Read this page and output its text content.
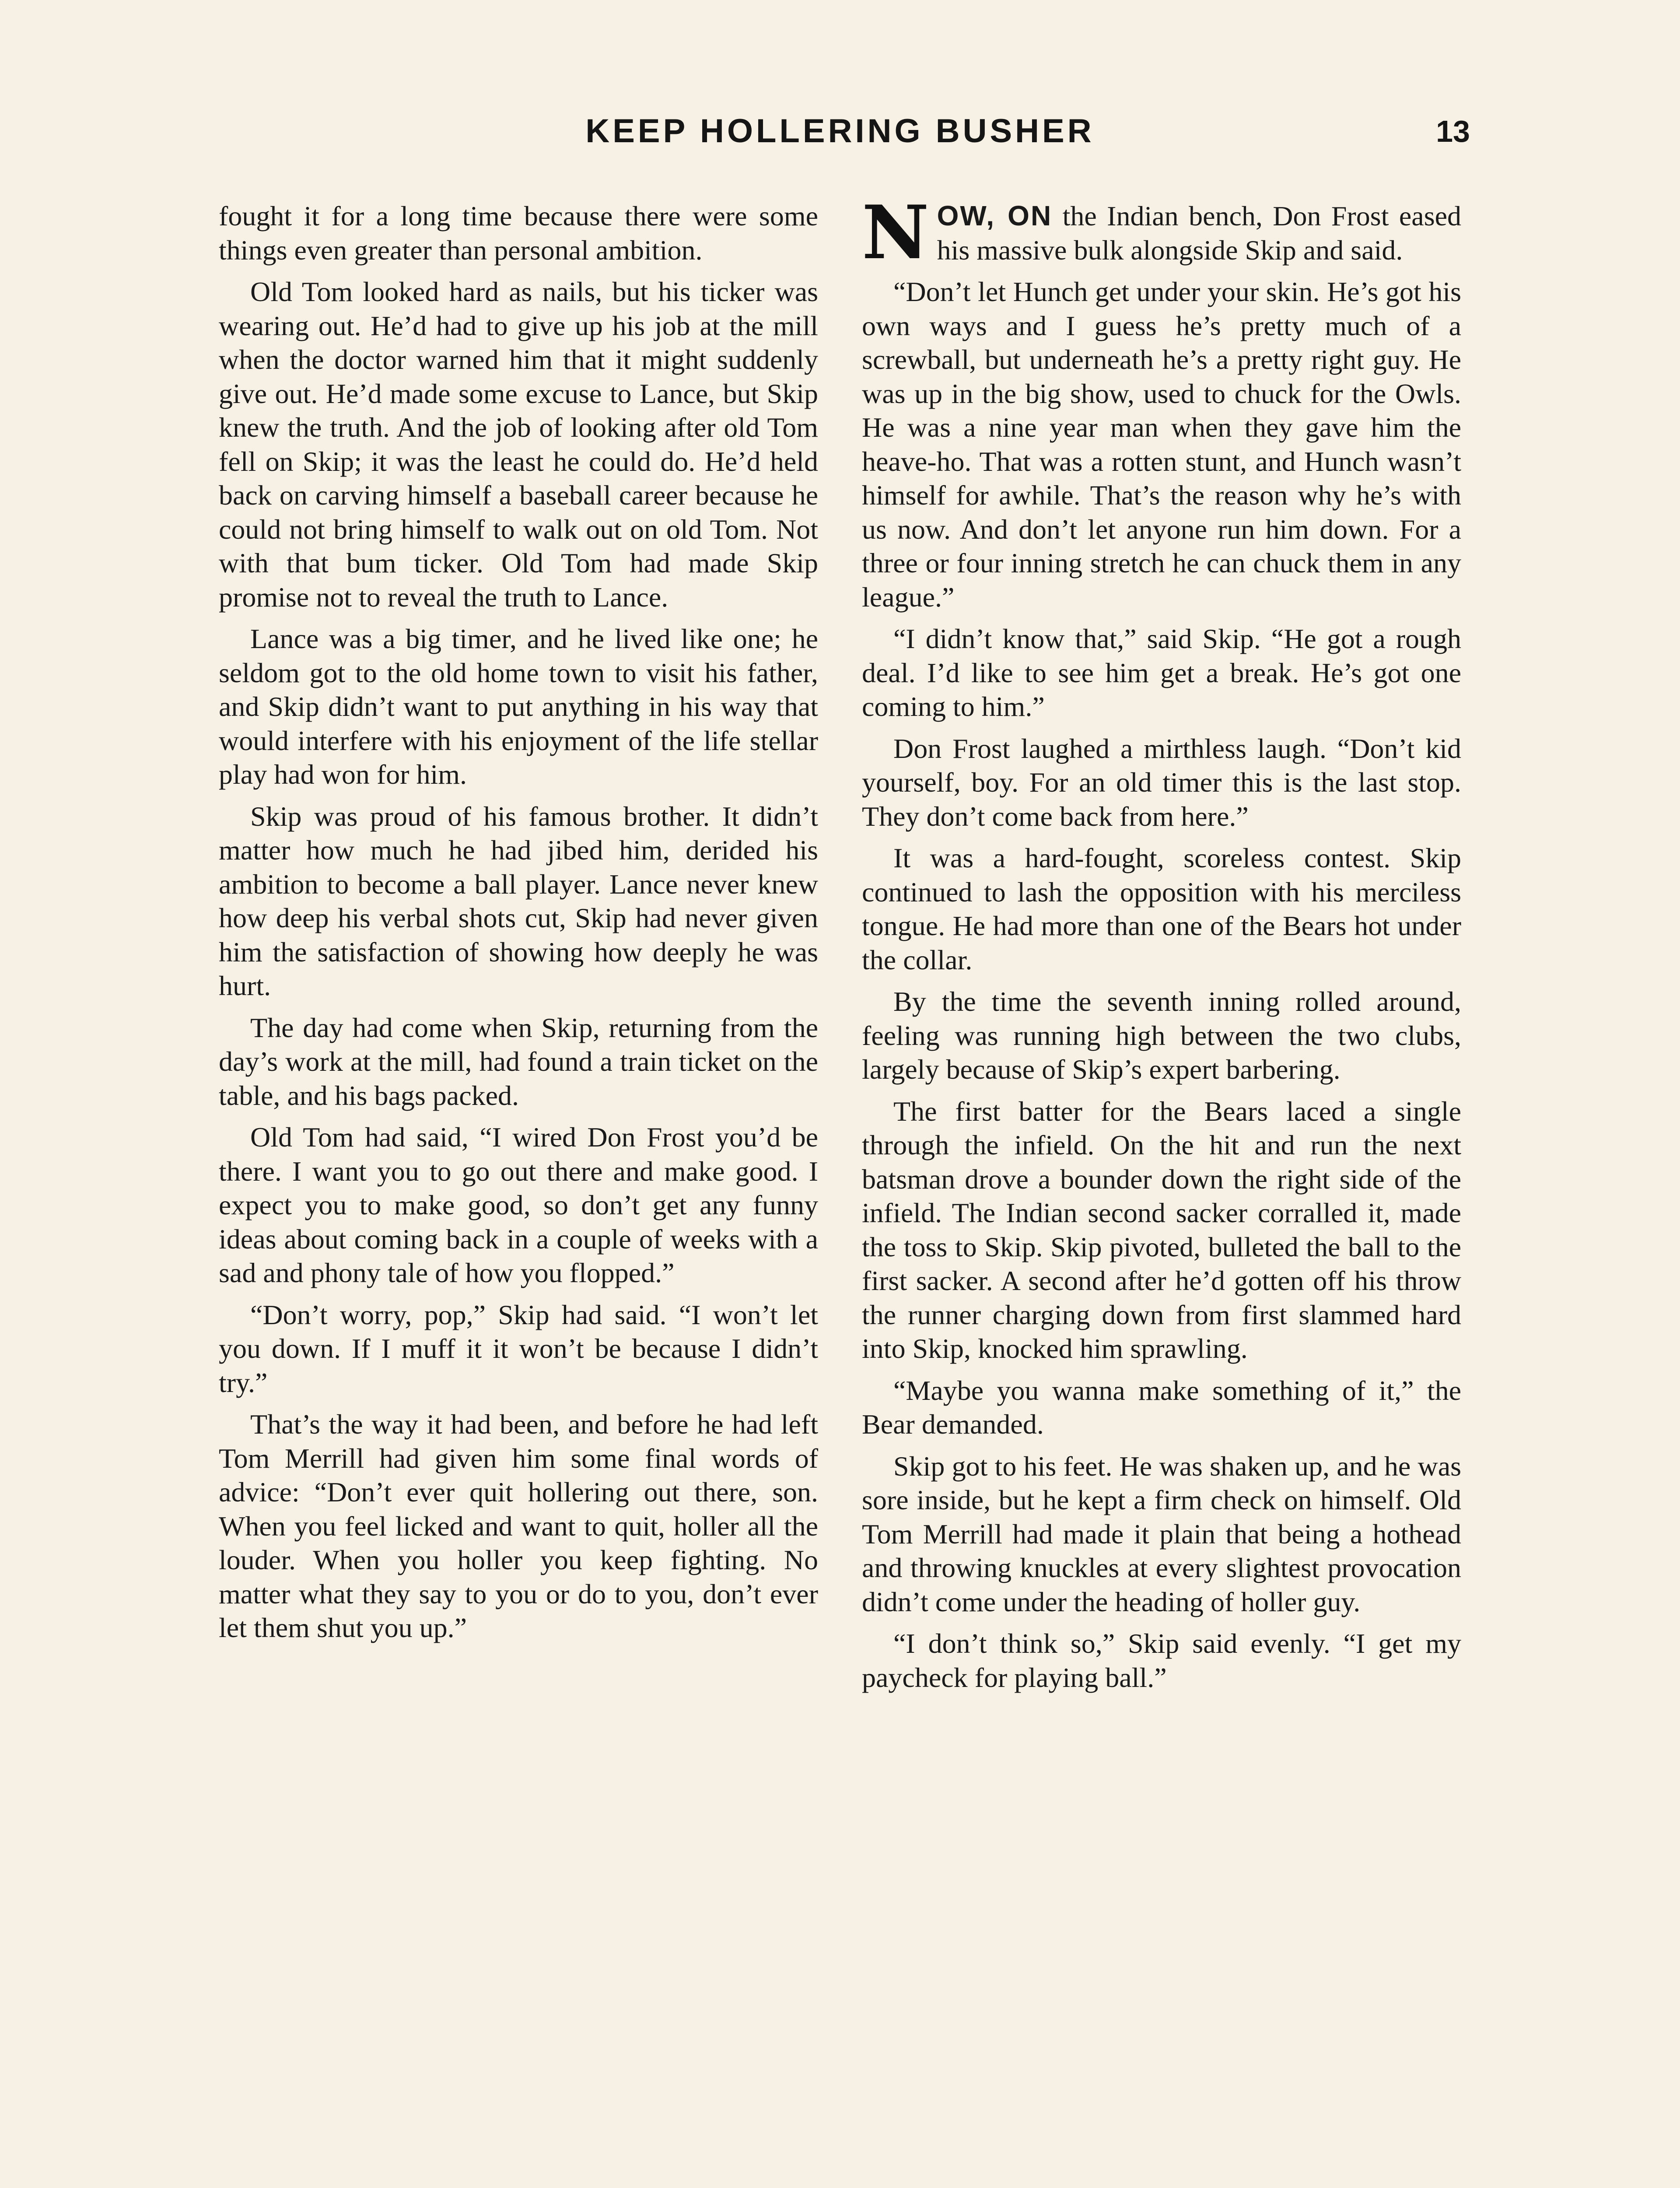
KEEP HOLLERING BUSHER	13

fought it for a long time because there were some things even greater than personal ambition.

Old Tom looked hard as nails, but his ticker was wearing out. He’d had to give up his job at the mill when the doctor warned him that it might suddenly give out. He’d made some excuse to Lance, but Skip knew the truth. And the job of looking after old Tom fell on Skip; it was the least he could do. He’d held back on carving himself a baseball career because he could not bring himself to walk out on old Tom. Not with that bum ticker. Old Tom had made Skip promise not to reveal the truth to Lance.

Lance was a big timer, and he lived like one; he seldom got to the old home town to visit his father, and Skip didn’t want to put anything in his way that would interfere with his enjoyment of the life stellar play had won for him.

Skip was proud of his famous brother. It didn’t matter how much he had jibed him, derided his ambition to become a ball player. Lance never knew how deep his verbal shots cut, Skip had never given him the satisfaction of showing how deeply he was hurt.

The day had come when Skip, returning from the day’s work at the mill, had found a train ticket on the table, and his bags packed.

Old Tom had said, “I wired Don Frost you’d be there. I want you to go out there and make good. I expect you to make good, so don’t get any funny ideas about coming back in a couple of weeks with a sad and phony tale of how you flopped.”

“Don’t worry, pop,” Skip had said. “I won’t let you down. If I muff it it won’t be because I didn’t try.”

That’s the way it had been, and before he had left Tom Merrill had given him some final words of advice: “Don’t ever quit hollering out there, son. When you feel licked and want to quit, holler all the louder. When you holler you keep fighting. No matter what they say to you or do to you, don’t ever let them shut you up.”

NOW, ON the Indian bench, Don Frost eased his massive bulk alongside Skip and said.

“Don’t let Hunch get under your skin. He’s got his own ways and I guess he’s pretty much of a screwball, but underneath he’s a pretty right guy. He was up in the big show, used to chuck for the Owls. He was a nine year man when they gave him the heave-ho. That was a rotten stunt, and Hunch wasn’t himself for awhile. That’s the reason why he’s with us now. And don’t let anyone run him down. For a three or four inning stretch he can chuck them in any league.”

“I didn’t know that,” said Skip. “He got a rough deal. I’d like to see him get a break. He’s got one coming to him.”

Don Frost laughed a mirthless laugh. “Don’t kid yourself, boy. For an old timer this is the last stop. They don’t come back from here.”

It was a hard-fought, scoreless contest. Skip continued to lash the opposition with his merciless tongue. He had more than one of the Bears hot under the collar.

By the time the seventh inning rolled around, feeling was running high between the two clubs, largely because of Skip’s expert barbering.

The first batter for the Bears laced a single through the infield. On the hit and run the next batsman drove a bounder down the right side of the infield. The Indian second sacker corralled it, made the toss to Skip. Skip pivoted, bulleted the ball to the first sacker. A second after he’d gotten off his throw the runner charging down from first slammed hard into Skip, knocked him sprawling.

“Maybe you wanna make something of it,” the Bear demanded.

Skip got to his feet. He was shaken up, and he was sore inside, but he kept a firm check on himself. Old Tom Merrill had made it plain that being a hothead and throwing knuckles at every slightest provocation didn’t come under the heading of holler guy.

“I don’t think so,” Skip said evenly. “I get my paycheck for playing ball.”
